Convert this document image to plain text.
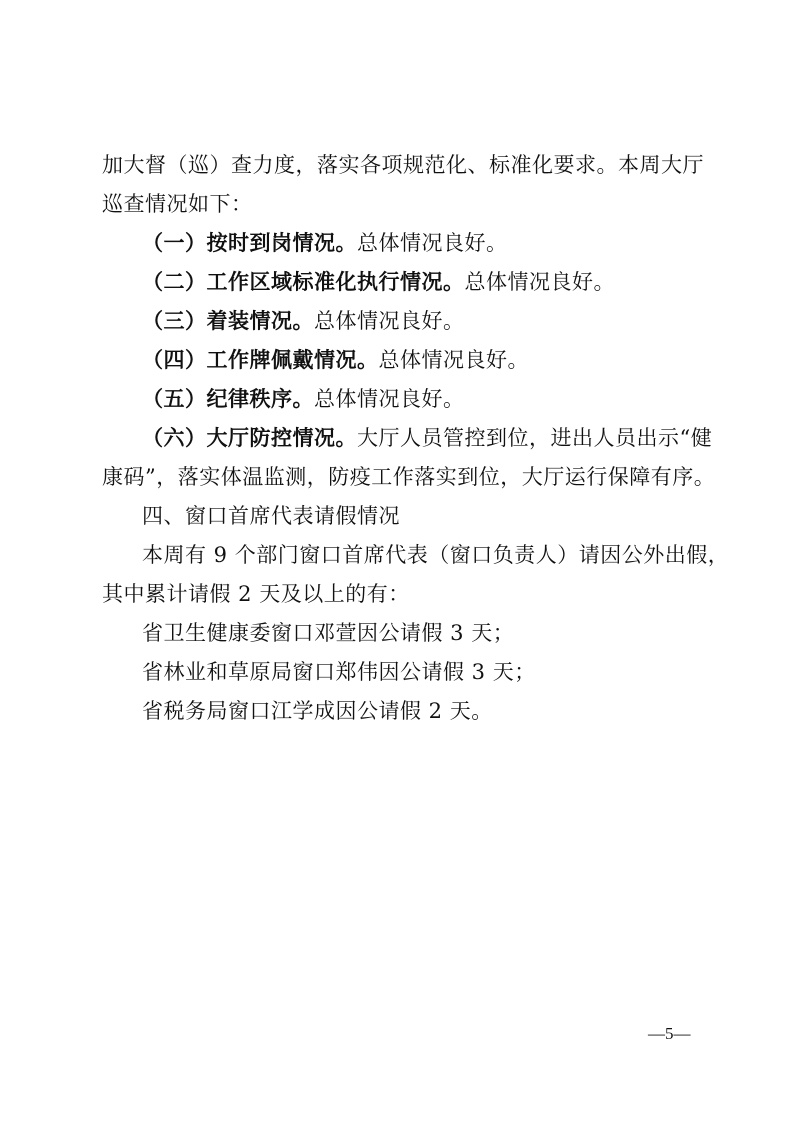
加大督（巡）查力度，落实各项规范化、标准化要求。本周大厅
巡查情况如下：
（一）按时到岗情况。总体情况良好。
（二）工作区域标准化执行情况。总体情况良好。
（三）着装情况。总体情况良好。
（四）工作牌佩戴情况。总体情况良好。
（五）纪律秩序。总体情况良好。
（六）大厅防控情况。大厅人员管控到位，进出人员出示“健
康码”，落实体温监测，防疫工作落实到位，大厅运行保障有序。
四、窗口首席代表请假情况
本周有 9 个部门窗口首席代表（窗口负责人）请因公外出假，
其中累计请假 2 天及以上的有：
省卫生健康委窗口邓萱因公请假 3 天；
省林业和草原局窗口郑伟因公请假 3 天；
省税务局窗口江学成因公请假 2 天。
—5—
